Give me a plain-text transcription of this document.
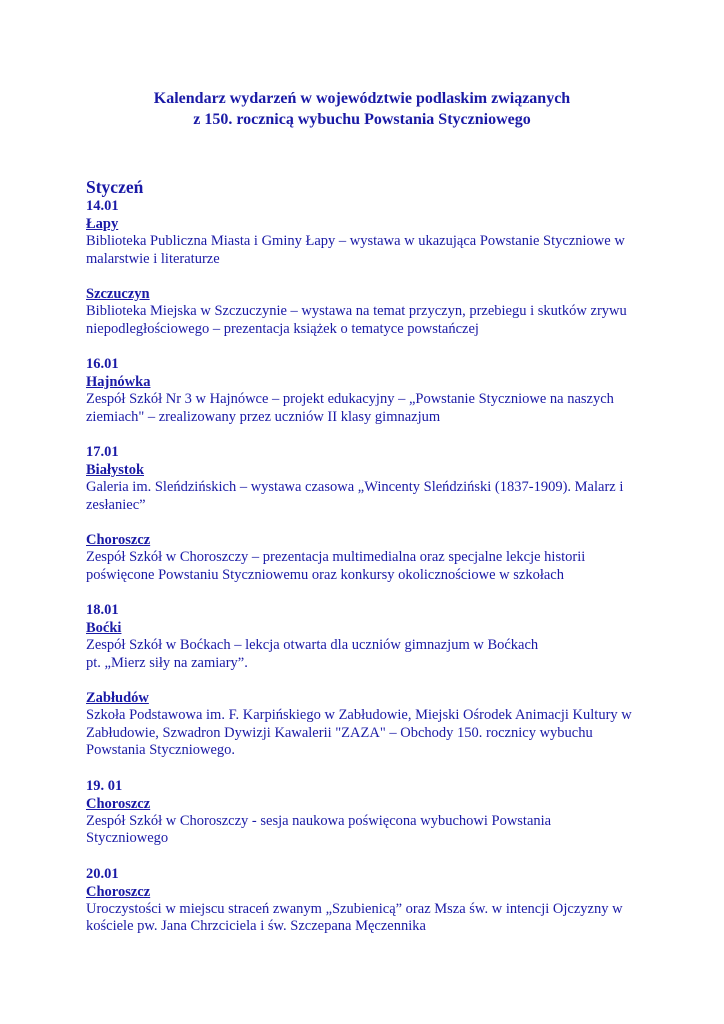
Kalendarz wydarzeń w województwie podlaskim związanych
z 150. rocznicą wybuchu Powstania Styczniowego
Styczeń
14.01
Łapy
Biblioteka Publiczna Miasta i Gminy Łapy – wystawa w ukazująca Powstanie Styczniowe w
malarstwie i literaturze
Szczuczyn
Biblioteka Miejska w Szczuczynie – wystawa na temat przyczyn, przebiegu i skutków zrywu
niepodległościowego – prezentacja książek o tematyce powstańczej
16.01
Hajnówka
Zespół Szkół Nr 3 w Hajnówce – projekt edukacyjny – „Powstanie Styczniowe na naszych
ziemiach" – zrealizowany przez uczniów II klasy gimnazjum
17.01
Białystok
Galeria im. Sleńdzińskich – wystawa czasowa „Wincenty Sleńdziński (1837-1909). Malarz i
zesłaniec”
Choroszcz
Zespół Szkół w Choroszczy – prezentacja multimedialna oraz specjalne lekcje historii
poświęcone Powstaniu Styczniowemu oraz konkursy okolicznościowe w szkołach
18.01
Boćki
Zespół Szkół w Boćkach – lekcja otwarta dla uczniów gimnazjum w Boćkach
pt. „Mierz siły na zamiary”.
Zabłudów
Szkoła Podstawowa im. F. Karpińskiego w Zabłudowie, Miejski Ośrodek Animacji Kultury w
Zabłudowie, Szwadron Dywizji Kawalerii "ZAZA" – Obchody 150. rocznicy wybuchu
Powstania Styczniowego.
19. 01
Choroszcz
Zespół Szkół w Choroszczy - sesja naukowa poświęcona wybuchowi Powstania
Styczniowego
20.01
Choroszcz
Uroczystości w miejscu straceń zwanym „Szubienicą” oraz Msza św. w intencji Ojczyzny w
kościele pw. Jana Chrzciciela i św. Szczepana Męczennika
